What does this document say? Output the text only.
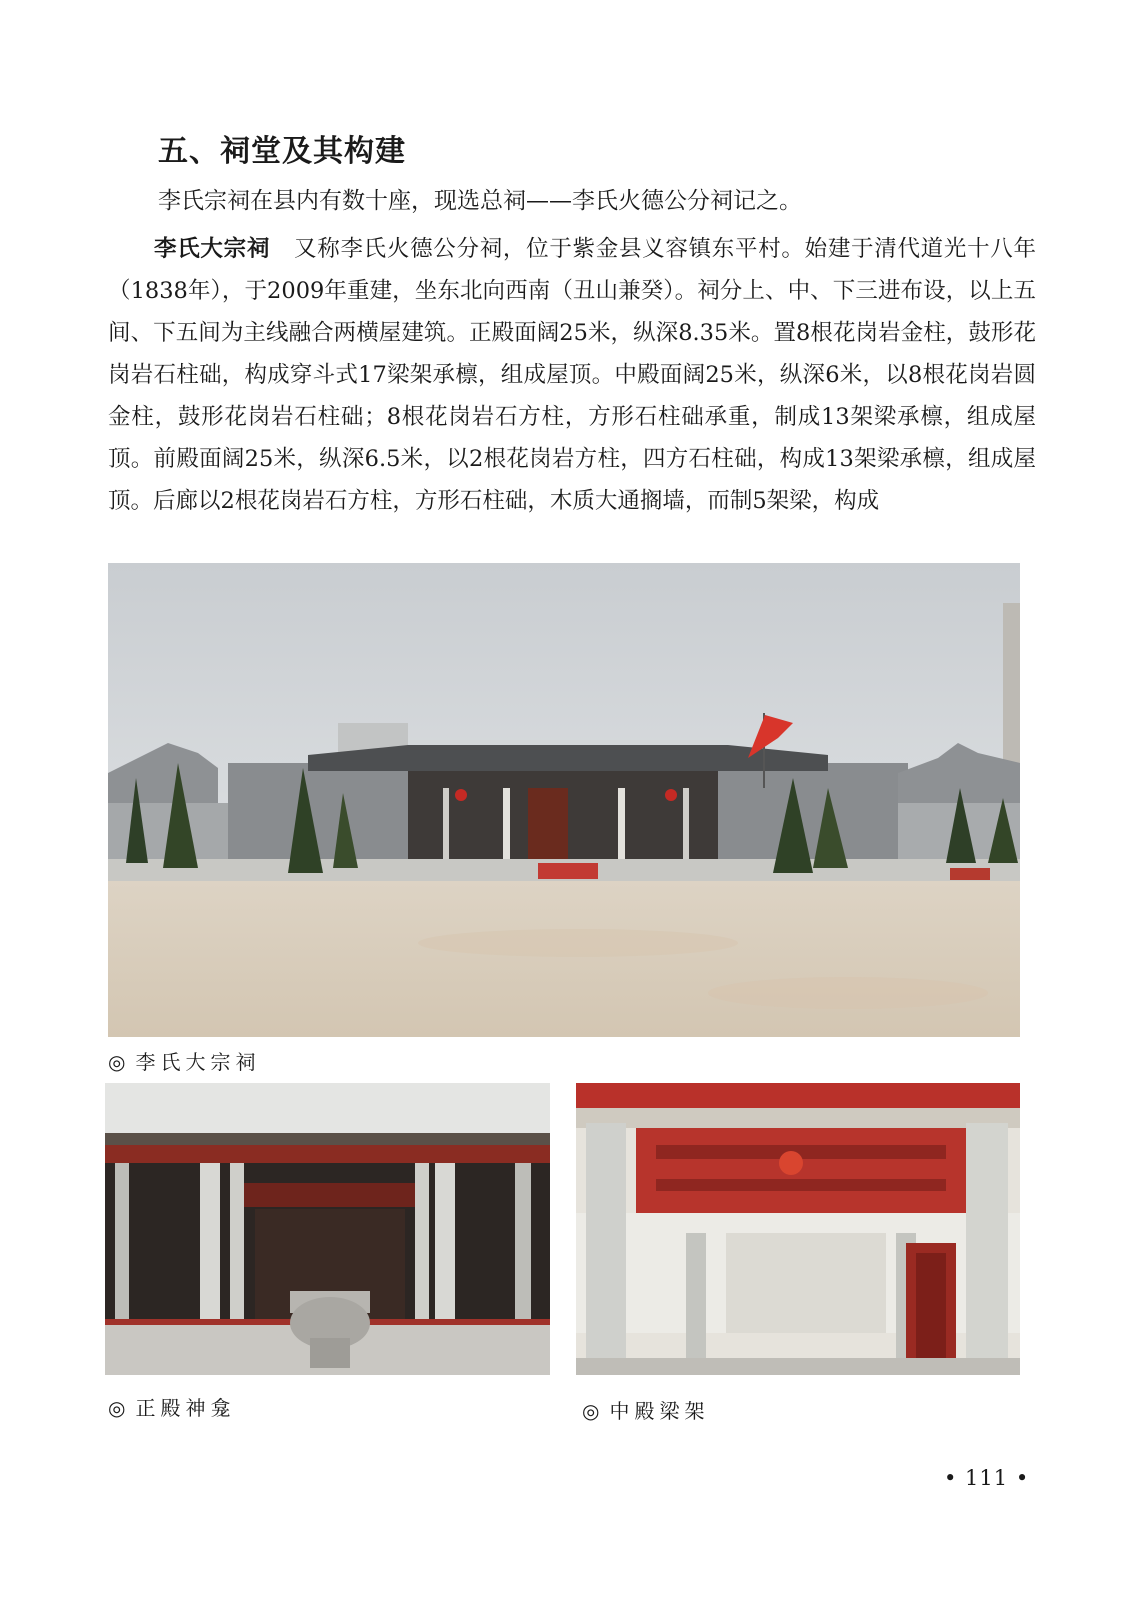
五、祠堂及其构建

李氏宗祠在县内有数十座，现选总祠——李氏火德公分祠记之。

李氏大宗祠 又称李氏火德公分祠，位于紫金县义容镇东平村。始建于清代道光十八年（1838年），于2009年重建，坐东北向西南（丑山兼癸）。祠分上、中、下三进布设，以上五间、下五间为主线融合两横屋建筑。正殿面阔25米，纵深8.35米。置8根花岗岩金柱，鼓形花岗岩石柱础，构成穿斗式17梁架承檩，组成屋顶。中殿面阔25米，纵深6米，以8根花岗岩圆金柱，鼓形花岗岩石柱础；8根花岗岩石方柱，方形石柱础承重，制成13架梁承檩，组成屋顶。前殿面阔25米，纵深6.5米，以2根花岗岩方柱，四方石柱础，构成13架梁承檩，组成屋顶。后廊以2根花岗岩石方柱，方形石柱础，木质大通搁墙，而制5架梁，构成

◎ 李氏大宗祠
◎ 正殿神龛	◎ 中殿梁架
• 111 •
